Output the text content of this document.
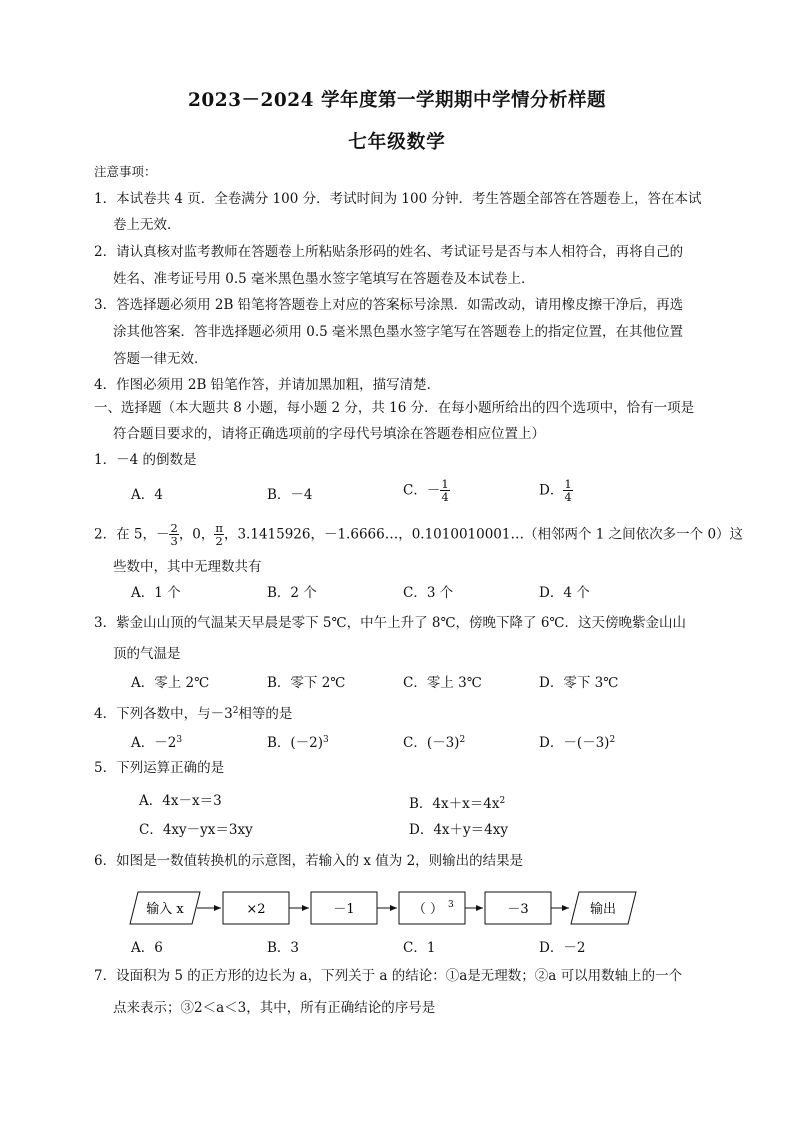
2023－2024 学年度第一学期期中学情分析样题
七年级数学
注意事项：
1．本试卷共 4 页．全卷满分 100 分．考试时间为 100 分钟．考生答题全部答在答题卷上，答在本试
卷上无效．
2．请认真核对监考教师在答题卷上所粘贴条形码的姓名、考试证号是否与本人相符合，再将自己的
姓名、准考证号用 0.5 毫米黑色墨水签字笔填写在答题卷及本试卷上．
3．答选择题必须用 2B 铅笔将答题卷上对应的答案标号涂黑．如需改动，请用橡皮擦干净后，再选
涂其他答案．答非选择题必须用 0.5 毫米黑色墨水签字笔写在答题卷上的指定位置，在其他位置
答题一律无效．
4．作图必须用 2B 铅笔作答，并请加黑加粗，描写清楚．
一、选择题（本大题共 8 小题，每小题 2 分，共 16 分．在每小题所给出的四个选项中，恰有一项是
符合题目要求的，请将正确选项前的字母代号填涂在答题卷相应位置上）
1．－4 的倒数是
A．4	B．－4	C．－ $\frac{1}{4}$	D． $\frac{1}{4}$
2．在 5，－ $\frac{2}{3}$ ，0， $\frac{\pi}{2}$ ，3.1415926，－1.6666…，0.1010010001…（相邻两个 1 之间依次多一个 0）这
些数中，其中无理数共有
A．1 个	B．2 个	C．3 个	D．4 个
3．紫金山山顶的气温某天早晨是零下 5℃，中午上升了 8℃，傍晚下降了 6℃．这天傍晚紫金山山
顶的气温是
A．零上 2℃	B．零下 2℃	C．零上 3℃	D．零下 3℃
4．下列各数中，与$-3^2$相等的是
A．$-2^3$	B．$(-2)^3$	C．$(-3)^2$	D．$-(-3)^2$
5．下列运算正确的是
A．4x－x＝3	B．$4x+x=4x^2$
C．4xy－yx＝3xy	D．4x＋y＝4xy
6．如图是一数值转换机的示意图，若输入的 x 值为 2，则输出的结果是
输入 x	×2	－1	（ ） 3	－3	输出
A．6	B．3	C．1	D．－2
7．设面积为 5 的正方形的边长为 a，下列关于 a 的结论：①a是无理数；②a 可以用数轴上的一个
点来表示；③2＜a＜3，其中，所有正确结论的序号是
